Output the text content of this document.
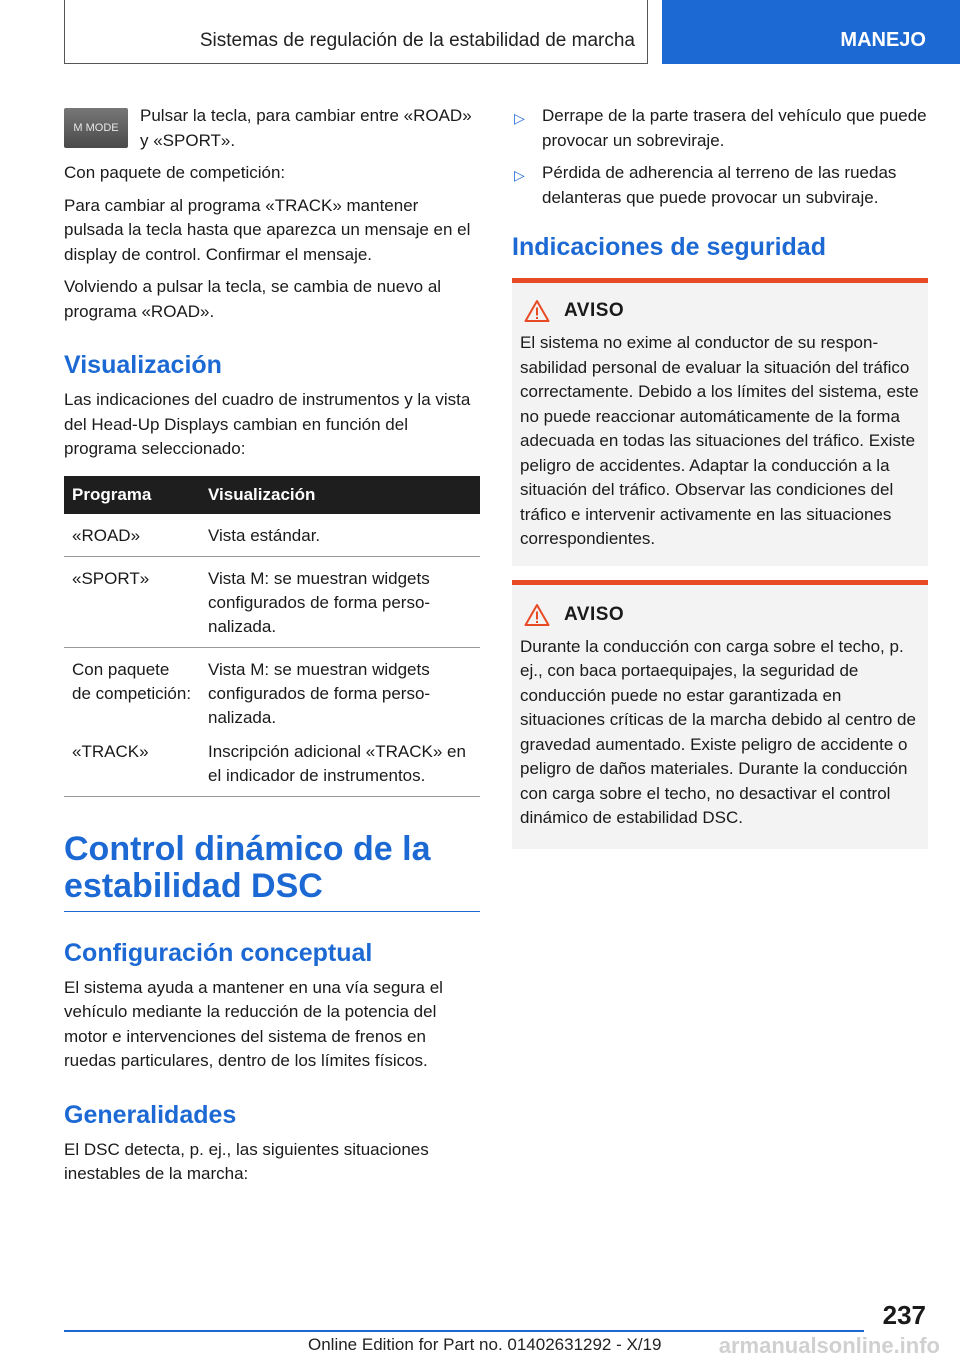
Sistemas de regulación de la estabilidad de marcha	MANEJO
M MODE

Pulsar la tecla, para cambiar entre «ROAD» y «SPORT».

Con paquete de competición:

Para cambiar al programa «TRACK» mantener pulsada la tecla hasta que aparezca un mensaje en el display de control. Confirmar el mensaje.

Volviendo a pulsar la tecla, se cambia de nuevo al programa «ROAD».

Visualización

Las indicaciones del cuadro de instrumentos y la vista del Head-Up Displays cambian en función del programa seleccionado:

Programa	Visualización
«ROAD»	Vista estándar.
«SPORT»	Vista M: se muestran widgets configurados de forma personalizada.
Con paquete de competición:	Vista M: se muestran widgets configurados de forma personalizada.
«TRACK»	Inscripción adicional «TRACK» en el indicador de instrumentos.
Control dinámico de la estabilidad DSC
Configuración conceptual

El sistema ayuda a mantener en una vía segura el vehículo mediante la reducción de la potencia del motor e intervenciones del sistema de frenos en ruedas particulares, dentro de los límites físicos.

Generalidades

El DSC detecta, p. ej., las siguientes situaciones inestables de la marcha:

▷ Derrape de la parte trasera del vehículo que puede provocar un sobreviraje.
▷ Pérdida de adherencia al terreno de las ruedas delanteras que puede provocar un subviraje.
Indicaciones de seguridad
AVISO

El sistema no exime al conductor de su responsabilidad personal de evaluar la situación del tráfico correctamente. Debido a los límites del sistema, este no puede reaccionar automáticamente de la forma adecuada en todas las situaciones del tráfico. Existe peligro de accidentes. Adaptar la conducción a la situación del tráfico. Observar las condiciones del tráfico e intervenir activamente en las situaciones correspondientes.

AVISO

Durante la conducción con carga sobre el techo, p. ej., con baca portaequipajes, la seguridad de conducción puede no estar garantizada en situaciones críticas de la marcha debido al centro de gravedad aumentado. Existe peligro de accidente o peligro de daños materiales. Durante la conducción con carga sobre el techo, no desactivar el control dinámico de estabilidad DSC.

237
Online Edition for Part no. 01402631292 - X/19	armanualsonline.info
